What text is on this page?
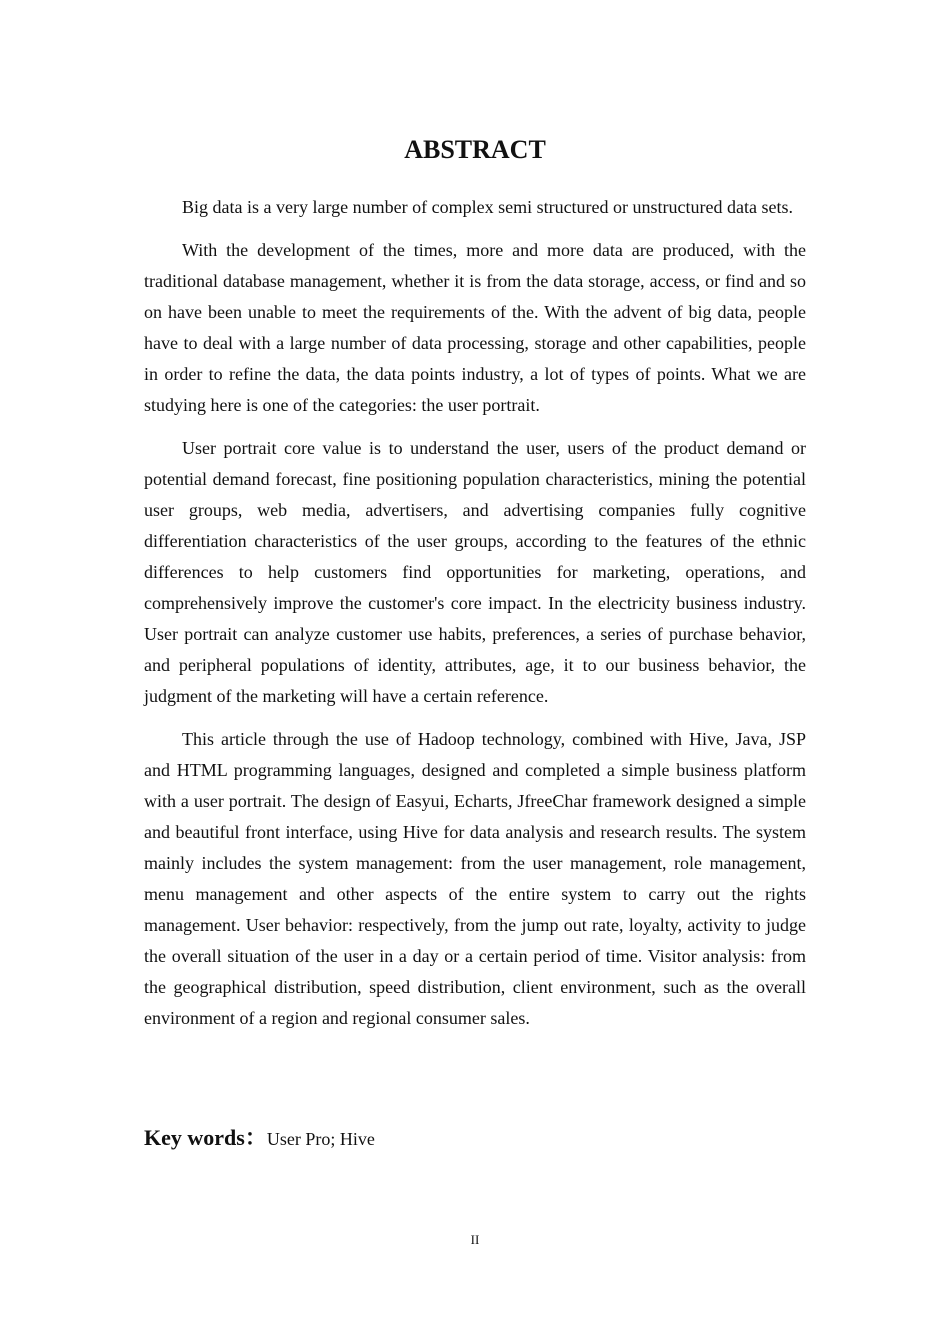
ABSTRACT

Big data is a very large number of complex semi structured or unstructured data sets.

With the development of the times, more and more data are produced, with the traditional database management, whether it is from the data storage, access, or find and so on have been unable to meet the requirements of the. With the advent of big data, people have to deal with a large number of data processing, storage and other capabilities, people in order to refine the data, the data points industry, a lot of types of points. What we are studying here is one of the categories: the user portrait.

User portrait core value is to understand the user, users of the product demand or potential demand forecast, fine positioning population characteristics, mining the potential user groups, web media, advertisers, and advertising companies fully cognitive differentiation characteristics of the user groups, according to the features of the ethnic differences to help customers find opportunities for marketing, operations, and comprehensively improve the customer's core impact. In the electricity business industry. User portrait can analyze customer use habits, preferences, a series of purchase behavior, and peripheral populations of identity, attributes, age, it to our business behavior, the judgment of the marketing will have a certain reference.

This article through the use of Hadoop technology, combined with Hive, Java, JSP and HTML programming languages, designed and completed a simple business platform with a user portrait. The design of Easyui, Echarts, JfreeChar framework designed a simple and beautiful front interface, using Hive for data analysis and research results. The system mainly includes the system management: from the user management, role management, menu management and other aspects of the entire system to carry out the rights management. User behavior: respectively, from the jump out rate, loyalty, activity to judge the overall situation of the user in a day or a certain period of time. Visitor analysis: from the geographical distribution, speed distribution, client environment, such as the overall environment of a region and regional consumer sales.

Key words：User Pro; Hive
II
